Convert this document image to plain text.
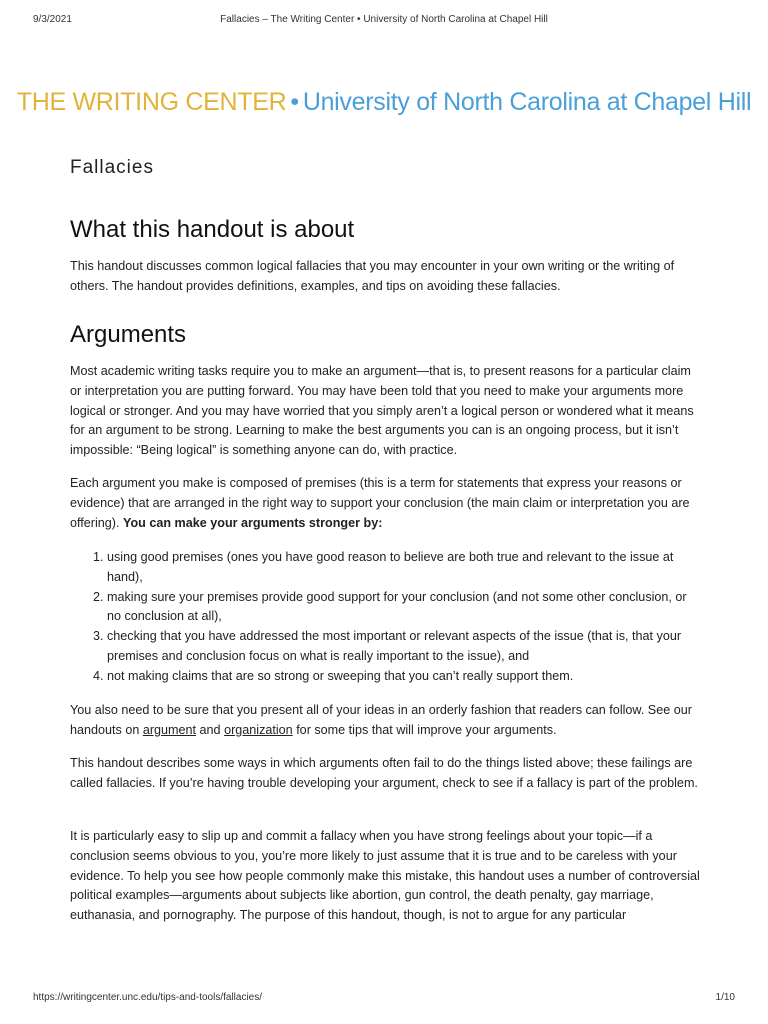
9/3/2021	Fallacies – The Writing Center • University of North Carolina at Chapel Hill
THE WRITING CENTER • University of North Carolina at Chapel Hill
Fallacies
What this handout is about

This handout discusses common logical fallacies that you may encounter in your own writing or the writing of others. The handout provides definitions, examples, and tips on avoiding these fallacies.

Arguments

Most academic writing tasks require you to make an argument—that is, to present reasons for a particular claim or interpretation you are putting forward. You may have been told that you need to make your arguments more logical or stronger. And you may have worried that you simply aren’t a logical person or wondered what it means for an argument to be strong. Learning to make the best arguments you can is an ongoing process, but it isn’t impossible: “Being logical” is something anyone can do, with practice.

Each argument you make is composed of premises (this is a term for statements that express your reasons or evidence) that are arranged in the right way to support your conclusion (the main claim or interpretation you are offering). You can make your arguments stronger by:

1. using good premises (ones you have good reason to believe are both true and relevant to the issue at hand),
2. making sure your premises provide good support for your conclusion (and not some other conclusion, or no conclusion at all),
3. checking that you have addressed the most important or relevant aspects of the issue (that is, that your premises and conclusion focus on what is really important to the issue), and
4. not making claims that are so strong or sweeping that you can’t really support them.

You also need to be sure that you present all of your ideas in an orderly fashion that readers can follow. See our handouts on argument and organization for some tips that will improve your arguments.

This handout describes some ways in which arguments often fail to do the things listed above; these failings are called fallacies. If you’re having trouble developing your argument, check to see if a fallacy is part of the problem.

It is particularly easy to slip up and commit a fallacy when you have strong feelings about your topic—if a conclusion seems obvious to you, you’re more likely to just assume that it is true and to be careless with your evidence. To help you see how people commonly make this mistake, this handout uses a number of controversial political examples—arguments about subjects like abortion, gun control, the death penalty, gay marriage, euthanasia, and pornography. The purpose of this handout, though, is not to argue for any particular

https://writingcenter.unc.edu/tips-and-tools/fallacies/	1/10
